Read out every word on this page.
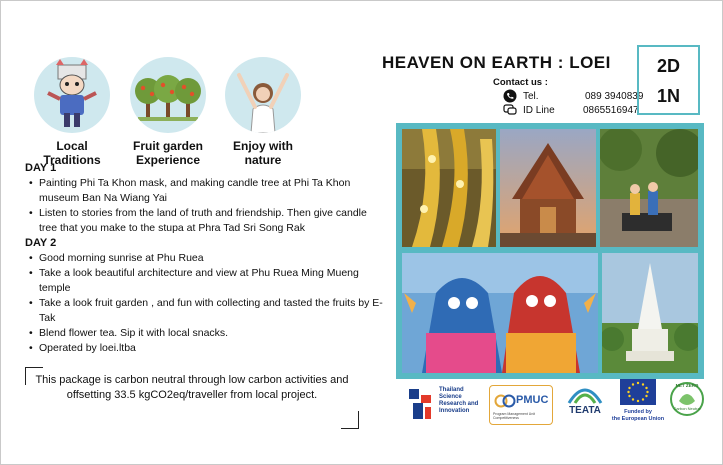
Local Traditions
Fruit garden Experience
Enjoy with nature
DAY 1
• Painting Phi Ta Khon mask, and making candle tree at Phi Ta Khon museum Ban Na Wiang Yai
• Listen to stories from the land of truth and friendship. Then give candle tree that you make to the stupa at Phra Tad Sri Song Rak
DAY 2
• Good morning sunrise at Phu Ruea
• Take a look beautiful architecture and view at Phu Ruea Ming Mueng temple
• Take a look fruit garden , and fun with collecting and tasted the fruits by E-Tak
• Blend flower tea. Sip it with local snacks.
• Operated by loei.ltba
This package is carbon neutral through low carbon activities and offsetting 33.5 kgCO2eq/traveller from local project.
HEAVEN ON EARTH : LOEI
Contact us :
Tel.	089 3940839
ID Line	0865516947
2D
1N
Thailand
Science
Research and
Innovation
PMUC
Program Management Unit Competitiveness
TEATA	Funded by
the European Union
NET ZERO
Carbon Neutral
